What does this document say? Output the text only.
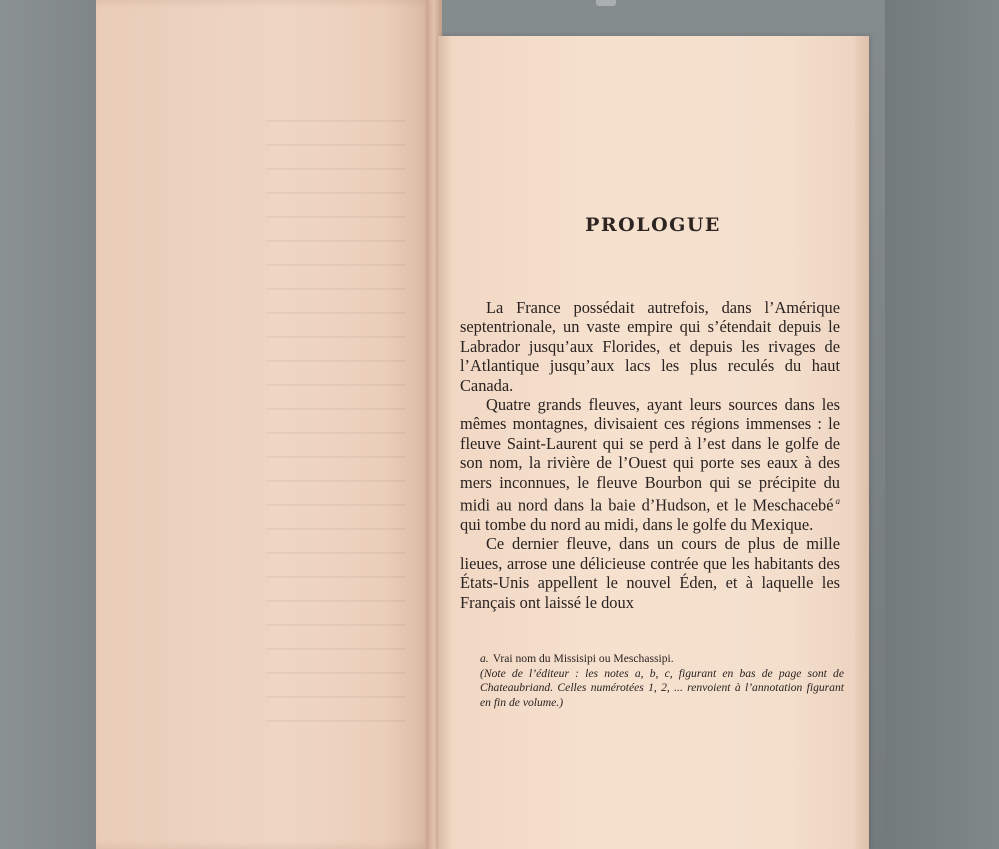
PROLOGUE

La France possédait autrefois, dans l’Amérique septentrionale, un vaste empire qui s’étendait depuis le Labrador jusqu’aux Florides, et depuis les rivages de l’Atlantique jusqu’aux lacs les plus reculés du haut Canada.

Quatre grands fleuves, ayant leurs sources dans les mêmes montagnes, divisaient ces régions immenses : le fleuve Saint-Laurent qui se perd à l’est dans le golfe de son nom, la rivière de l’Ouest qui porte ses eaux à des mers inconnues, le fleuve Bourbon qui se précipite du midi au nord dans la baie d’Hudson, et le Meschacebé $^a$ qui tombe du nord au midi, dans le golfe du Mexique.

Ce dernier fleuve, dans un cours de plus de mille lieues, arrose une délicieuse contrée que les habitants des États-Unis appellent le nouvel Éden, et à laquelle les Français ont laissé le doux

a. Vrai nom du Missisipi ou Meschassipi.

(Note de l’éditeur : les notes a, b, c, figurant en bas de page sont de Chateaubriand. Celles numérotées 1, 2, ... renvoient à l’annotation figurant en fin de volume.)
